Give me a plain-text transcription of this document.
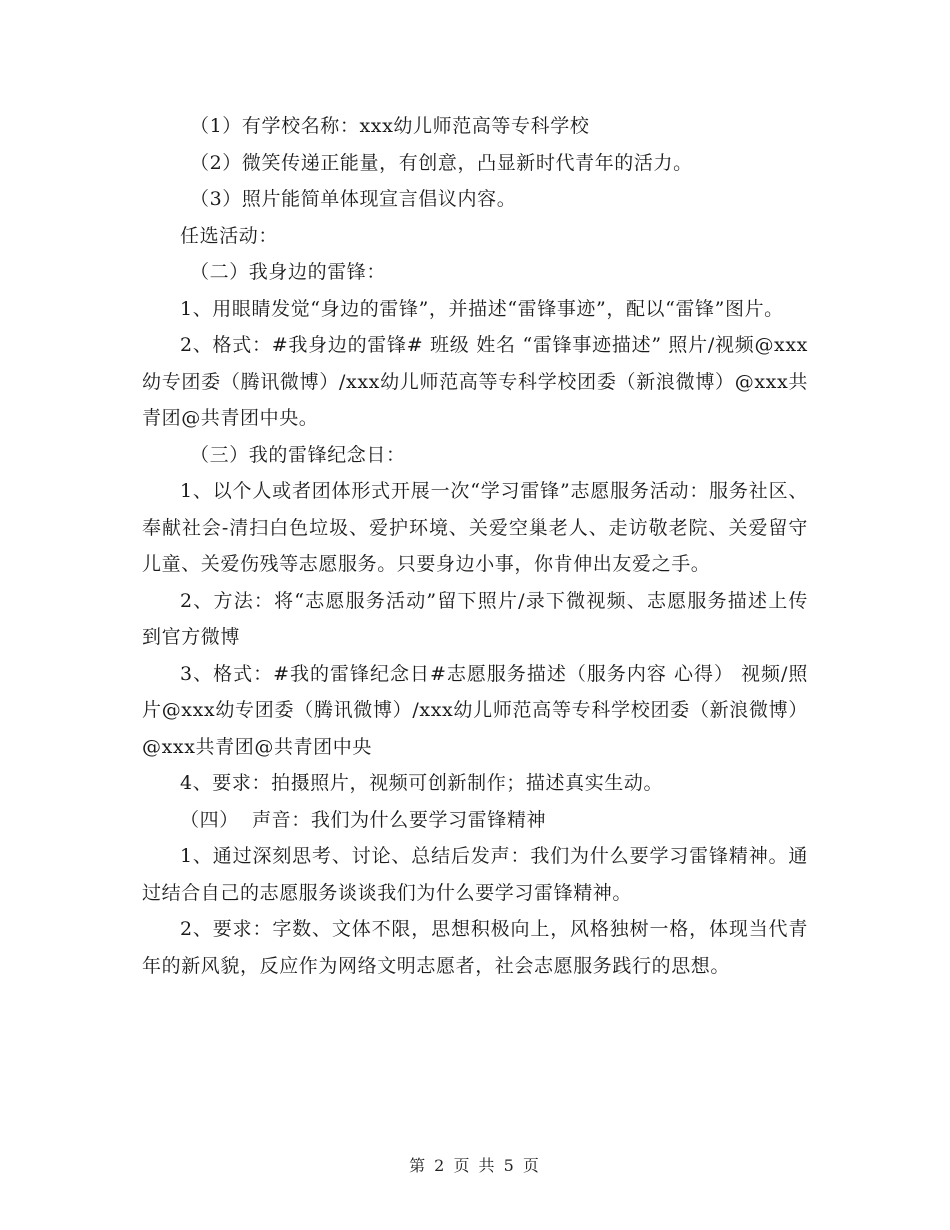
（1）有学校名称：xxx幼儿师范高等专科学校

（2）微笑传递正能量，有创意，凸显新时代青年的活力。

（3）照片能简单体现宣言倡议内容。

任选活动：

（二）我身边的雷锋：

1、用眼睛发觉“身边的雷锋”，并描述“雷锋事迹”，配以“雷锋”图片。

2、格式：#我身边的雷锋# 班级 姓名 “雷锋事迹描述” 照片/视频@xxx幼专团委（腾讯微博）/xxx幼儿师范高等专科学校团委（新浪微博）@xxx共青团@共青团中央。

（三）我的雷锋纪念日：

1、以个人或者团体形式开展一次“学习雷锋”志愿服务活动：服务社区、奉献社会-清扫白色垃圾、爱护环境、关爱空巢老人、走访敬老院、关爱留守儿童、关爱伤残等志愿服务。只要身边小事，你肯伸出友爱之手。

2、方法：将“志愿服务活动”留下照片/录下微视频、志愿服务描述上传到官方微博

3、格式：#我的雷锋纪念日#志愿服务描述（服务内容 心得） 视频/照片@xxx幼专团委（腾讯微博）/xxx幼儿师范高等专科学校团委（新浪微博）@xxx共青团@共青团中央

4、要求：拍摄照片，视频可创新制作；描述真实生动。

（四）  声音：我们为什么要学习雷锋精神

1、通过深刻思考、讨论、总结后发声：我们为什么要学习雷锋精神。通过结合自己的志愿服务谈谈我们为什么要学习雷锋精神。

2、要求：字数、文体不限，思想积极向上，风格独树一格，体现当代青年的新风貌，反应作为网络文明志愿者，社会志愿服务践行的思想。

第 2 页 共 5 页
